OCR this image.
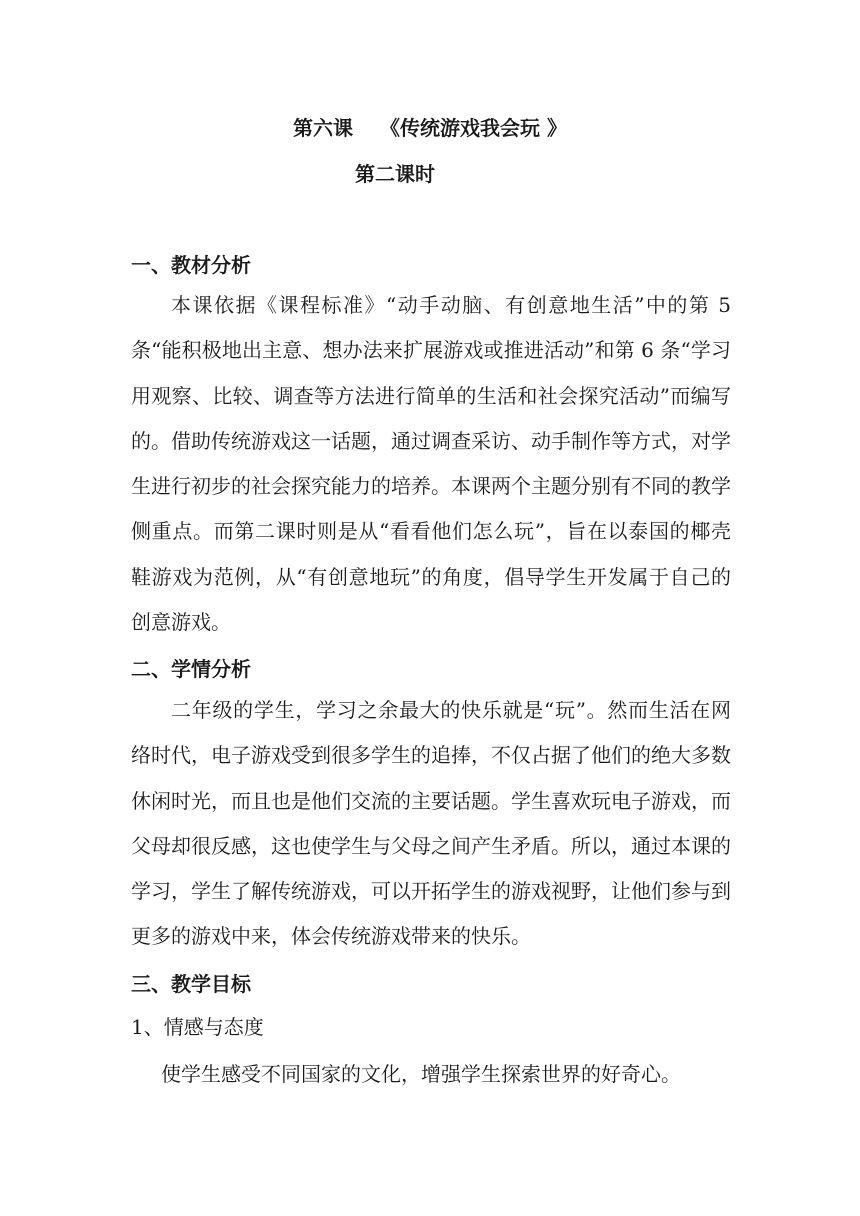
第六课　 《传统游戏我会玩 》
第二课时
一、教材分析
本课依据《课程标准》“动手动脑、有创意地生活”中的第 5 条“能积极地出主意、想办法来扩展游戏或推进活动”和第 6 条“学习用观察、比较、调查等方法进行简单的生活和社会探究活动”而编写的。借助传统游戏这一话题，通过调查采访、动手制作等方式，对学生进行初步的社会探究能力的培养。本课两个主题分别有不同的教学侧重点。而第二课时则是从“看看他们怎么玩”，旨在以泰国的椰壳鞋游戏为范例，从“有创意地玩”的角度，倡导学生开发属于自己的创意游戏。
二、学情分析
二年级的学生，学习之余最大的快乐就是“玩”。然而生活在网络时代，电子游戏受到很多学生的追捧，不仅占据了他们的绝大多数休闲时光，而且也是他们交流的主要话题。学生喜欢玩电子游戏，而父母却很反感，这也使学生与父母之间产生矛盾。所以，通过本课的学习，学生了解传统游戏，可以开拓学生的游戏视野，让他们参与到更多的游戏中来，体会传统游戏带来的快乐。
三、教学目标
1、情感与态度
使学生感受不同国家的文化，增强学生探索世界的好奇心。
